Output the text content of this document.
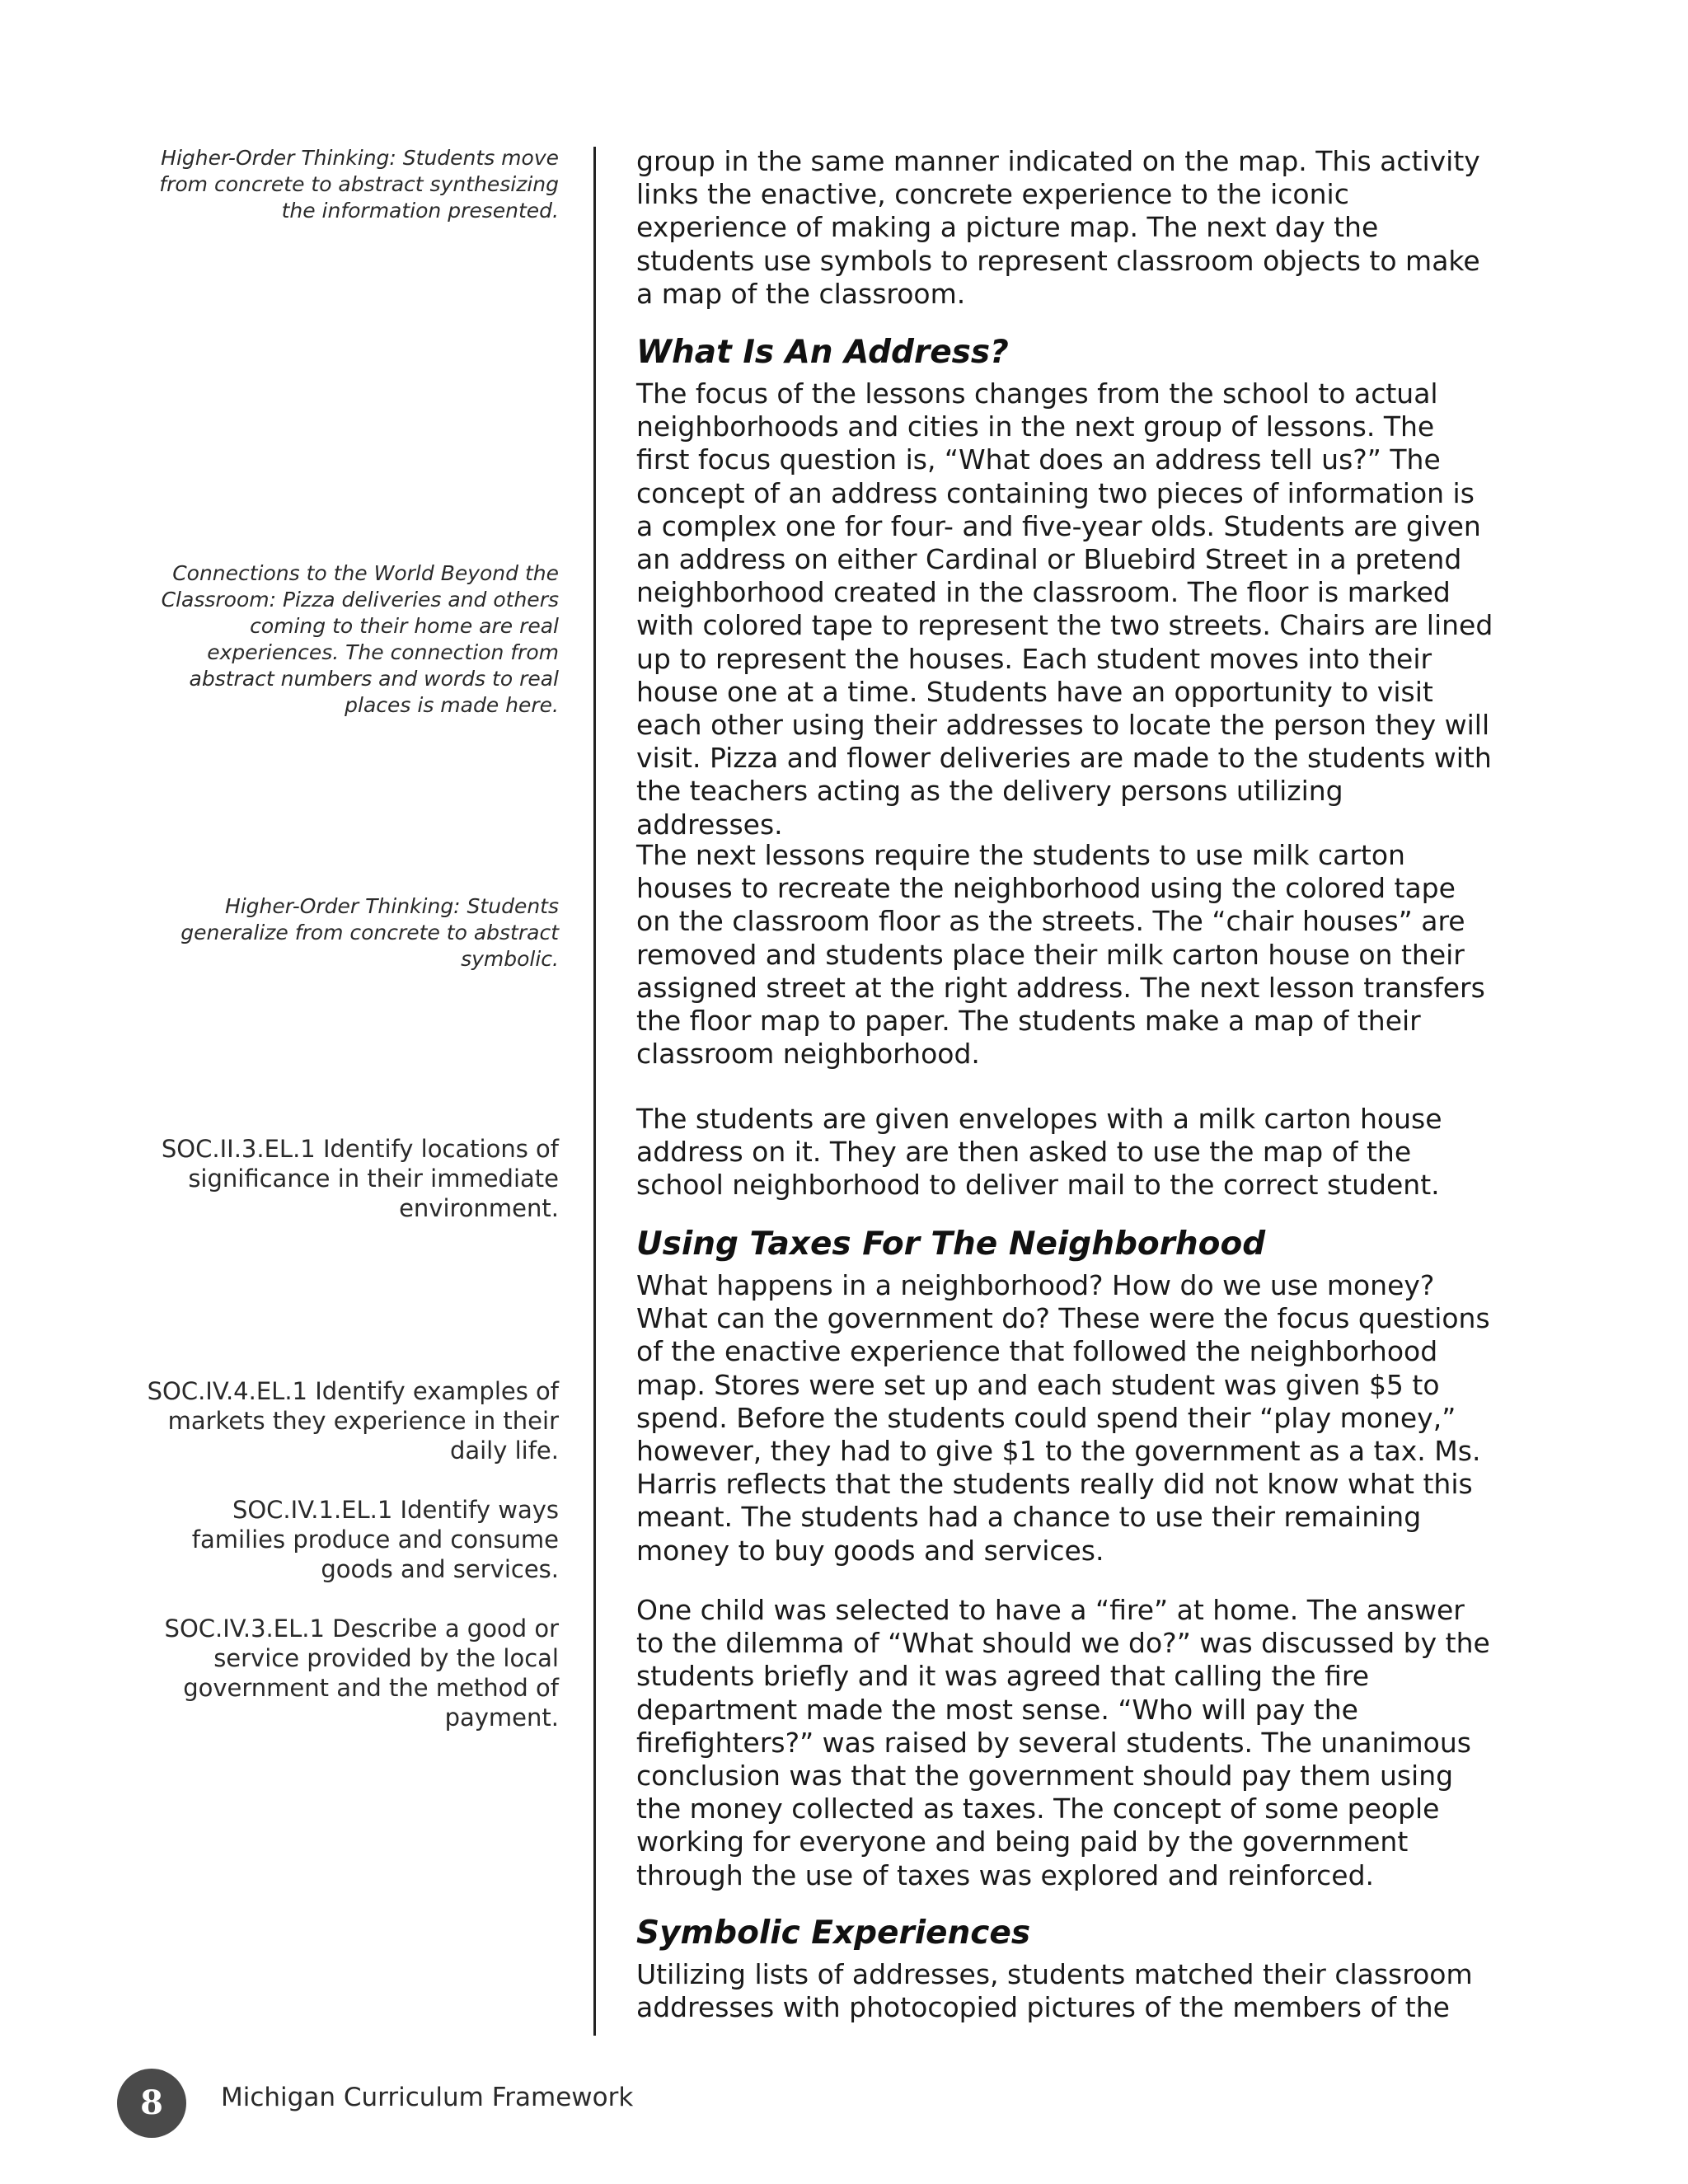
Higher-Order Thinking: Students move from concrete to abstract synthesizing the information presented.
Connections to the World Beyond the Classroom: Pizza deliveries and others coming to their home are real experiences. The connection from abstract numbers and words to real places is made here.
Higher-Order Thinking: Students generalize from concrete to abstract symbolic.
SOC.II.3.EL.1 Identify locations of significance in their immediate environment.
SOC.IV.4.EL.1 Identify examples of markets they experience in their daily life.
SOC.IV.1.EL.1 Identify ways families produce and consume goods and services.
SOC.IV.3.EL.1 Describe a good or service provided by the local government and the method of payment.

group in the same manner indicated on the map. This activity links the enactive, concrete experience to the iconic experience of making a picture map. The next day the students use symbols to represent classroom objects to make a map of the classroom.

What Is An Address?

The focus of the lessons changes from the school to actual neighborhoods and cities in the next group of lessons. The first focus question is, “What does an address tell us?” The concept of an address containing two pieces of information is a complex one for four- and five-year olds. Students are given an address on either Cardinal or Bluebird Street in a pretend neighborhood created in the classroom. The floor is marked with colored tape to represent the two streets. Chairs are lined up to represent the houses. Each student moves into their house one at a time. Students have an opportunity to visit each other using their addresses to locate the person they will visit. Pizza and flower deliveries are made to the students with the teachers acting as the delivery persons utilizing addresses.

The next lessons require the students to use milk carton houses to recreate the neighborhood using the colored tape on the classroom floor as the streets. The “chair houses” are removed and students place their milk carton house on their assigned street at the right address. The next lesson transfers the floor map to paper. The students make a map of their classroom neighborhood.

The students are given envelopes with a milk carton house address on it. They are then asked to use the map of the school neighborhood to deliver mail to the correct student.

Using Taxes For The Neighborhood

What happens in a neighborhood? How do we use money? What can the government do? These were the focus questions of the enactive experience that followed the neighborhood map. Stores were set up and each student was given $5 to spend. Before the students could spend their “play money,” however, they had to give $1 to the government as a tax. Ms. Harris reflects that the students really did not know what this meant. The students had a chance to use their remaining money to buy goods and services.

One child was selected to have a “fire” at home. The answer to the dilemma of “What should we do?” was discussed by the students briefly and it was agreed that calling the fire department made the most sense. “Who will pay the firefighters?” was raised by several students. The unanimous conclusion was that the government should pay them using the money collected as taxes. The concept of some people working for everyone and being paid by the government through the use of taxes was explored and reinforced.

Symbolic Experiences

Utilizing lists of addresses, students matched their classroom addresses with photocopied pictures of the members of the

8	Michigan Curriculum Framework
